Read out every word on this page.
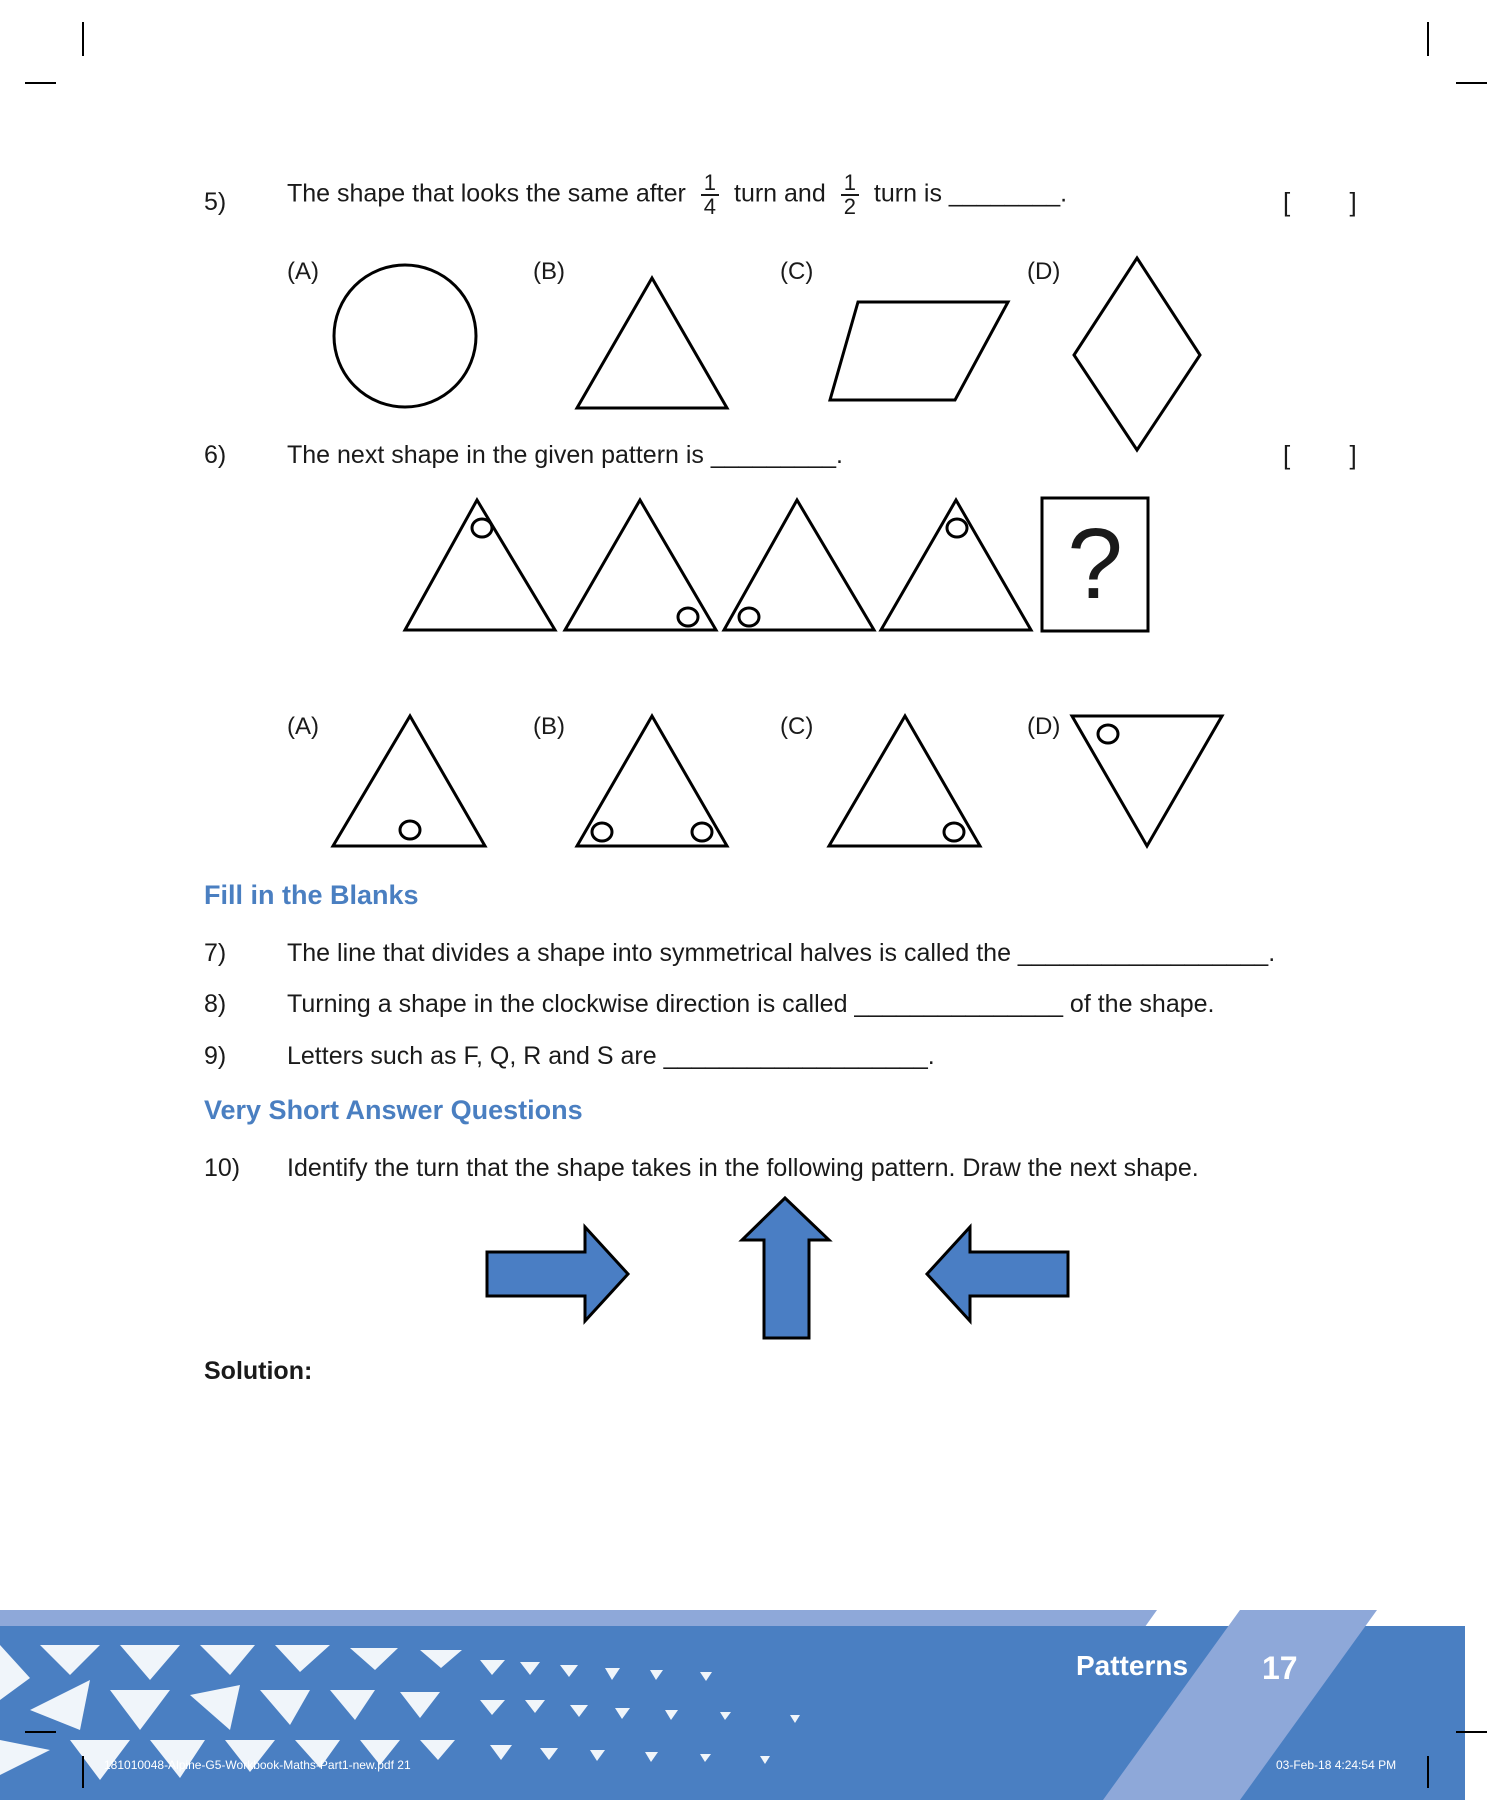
5) The shape that looks the same after $\frac{1}{4}$ turn and $\frac{1}{2}$ turn is ________.	[ ]
(A)	(B)	(C)	(D)
6) The next shape in the given pattern is _________.	[ ]
?
(A)	(B)	(C)	(D)
Fill in the Blanks
7) The line that divides a shape into symmetrical halves is called the __________________.
8) Turning a shape in the clockwise direction is called _______________ of the shape.
9) Letters such as F, Q, R and S are ___________________.
Very Short Answer Questions
10) Identify the turn that the shape takes in the following pattern. Draw the next shape.
Solution:
Patterns 17
181010048-Alpine-G5-Workbook-Maths-Part1-new.pdf 21	03-Feb-18 4:24:54 PM
